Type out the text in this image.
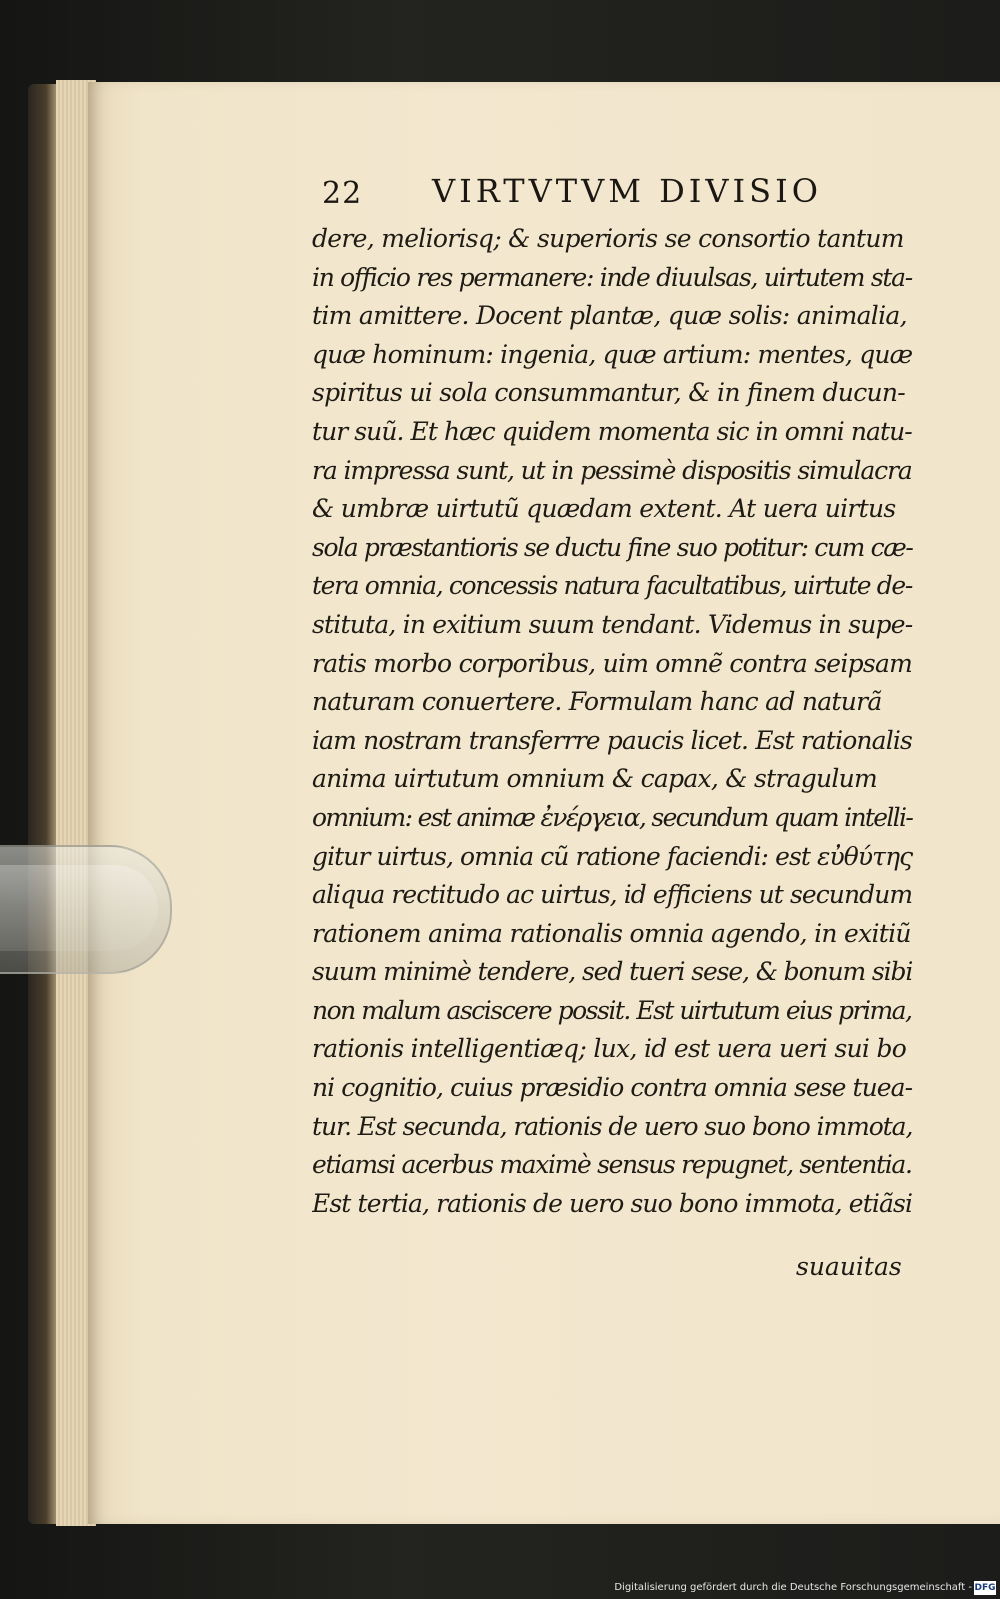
22 VIRTVTVM DIVISIO
dere, meliorisq; & superioris se consortio tantum
in officio res permanere: inde diuulsas, uirtutem sta-
tim amittere. Docent plantæ, quæ solis: animalia,
quæ hominum: ingenia, quæ artium: mentes, quæ
spiritus ui sola consummantur, & in finem ducun-
tur suũ. Et hæc quidem momenta sic in omni natu-
ra impressa sunt, ut in pessimè dispositis simulacra
& umbræ uirtutũ quædam extent. At uera uirtus
sola præstantioris se ductu fine suo potitur: cum cæ-
tera omnia, concessis natura facultatibus, uirtute de-
stituta, in exitium suum tendant. Videmus in supe-
ratis morbo corporibus, uim omnẽ contra seipsam
naturam conuertere. Formulam hanc ad naturã
iam nostram transferrre paucis licet. Est rationalis
anima uirtutum omnium & capax, & stragulum
omnium: est animæ ἐνέργεια, secundum quam intelli-
gitur uirtus, omnia cũ ratione faciendi: est εὐθύτης
aliqua rectitudo ac uirtus, id efficiens ut secundum
rationem anima rationalis omnia agendo, in exitiũ
suum minimè tendere, sed tueri sese, & bonum sibi
non malum asciscere possit. Est uirtutum eius prima,
rationis intelligentiæq; lux, id est uera ueri sui bo
ni cognitio, cuius præsidio contra omnia sese tuea-
tur. Est secunda, rationis de uero suo bono immota,
etiamsi acerbus maximè sensus repugnet, sententia.
Est tertia, rationis de uero suo bono immota, etiãsi
suauitas
Digitalisierung gefördert durch die Deutsche Forschungsgemeinschaft - DFG
